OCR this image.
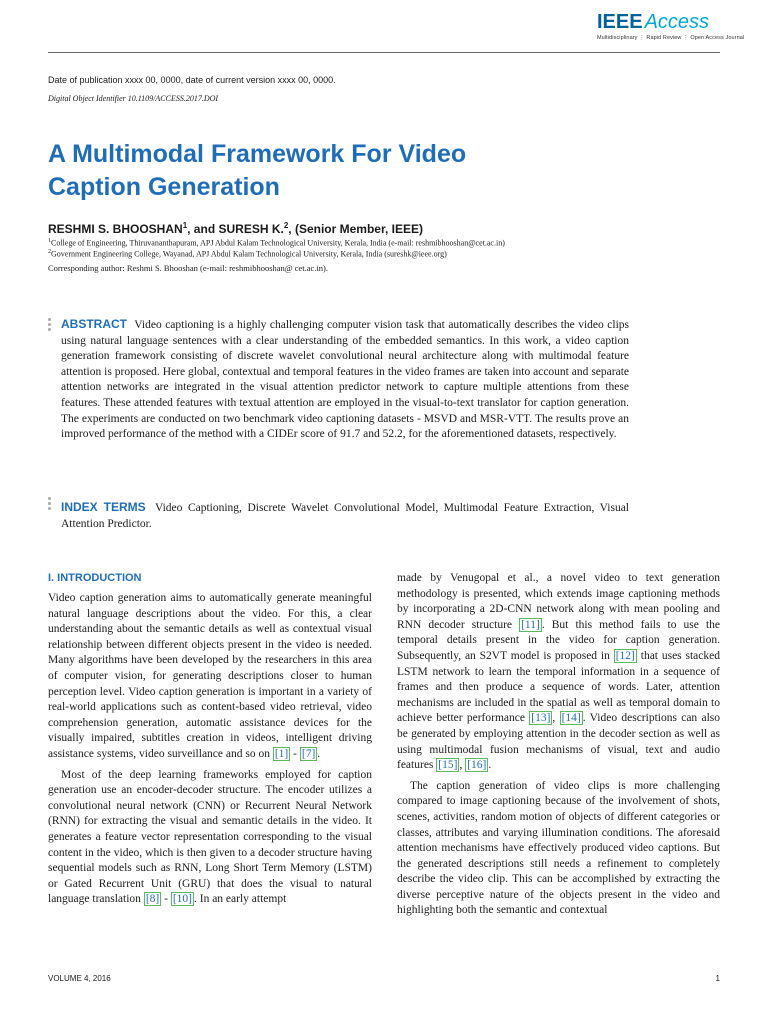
IEEE Access
Multidisciplinary ⋮ Rapid Review ⋮ Open Access Journal
Date of publication xxxx 00, 0000, date of current version xxxx 00, 0000.
Digital Object Identifier 10.1109/ACCESS.2017.DOI
A Multimodal Framework For Video
Caption Generation
RESHMI S. BHOOSHAN$^1$, and SURESH K.$^2$, (Senior Member, IEEE)
$^1$College of Engineering, Thiruvananthapuram, APJ Abdul Kalam Technological University, Kerala, India (e-mail: reshmibhooshan@cet.ac.in)
$^2$Government Engineering College, Wayanad, APJ Abdul Kalam Technological University, Kerala, India (sureshk@ieee.org)
Corresponding author: Reshmi S. Bhooshan (e-mail: reshmibhooshan@ cet.ac.in).
ABSTRACT Video captioning is a highly challenging computer vision task that automatically describes the video clips using natural language sentences with a clear understanding of the embedded semantics. In this work, a video caption generation framework consisting of discrete wavelet convolutional neural architecture along with multimodal feature attention is proposed. Here global, contextual and temporal features in the video frames are taken into account and separate attention networks are integrated in the visual attention predictor network to capture multiple attentions from these features. These attended features with textual attention are employed in the visual-to-text translator for caption generation. The experiments are conducted on two benchmark video captioning datasets - MSVD and MSR-VTT. The results prove an improved performance of the method with a CIDEr score of 91.7 and 52.2, for the aforementioned datasets, respectively.
INDEX TERMS Video Captioning, Discrete Wavelet Convolutional Model, Multimodal Feature Extraction, Visual Attention Predictor.
I. INTRODUCTION

Video caption generation aims to automatically generate meaningful natural language descriptions about the video. For this, a clear understanding about the semantic details as well as contextual visual relationship between different objects present in the video is needed. Many algorithms have been developed by the researchers in this area of computer vision, for generating descriptions closer to human perception level. Video caption generation is important in a variety of real-world applications such as content-based video retrieval, video comprehension generation, automatic assistance devices for the visually impaired, subtitles creation in videos, intelligent driving assistance systems, video surveillance and so on [1] - [7] .

Most of the deep learning frameworks employed for caption generation use an encoder-decoder structure. The encoder utilizes a convolutional neural network (CNN) or Recurrent Neural Network (RNN) for extracting the visual and semantic details in the video. It generates a feature vector representation corresponding to the visual content in the video, which is then given to a decoder structure having sequential models such as RNN, Long Short Term Memory (LSTM) or Gated Recurrent Unit (GRU) that does the visual to natural language translation [8] - [10] . In an early attempt

made by Venugopal et al., a novel video to text generation methodology is presented, which extends image captioning methods by incorporating a 2D-CNN network along with mean pooling and RNN decoder structure [11] . But this method fails to use the temporal details present in the video for caption generation. Subsequently, an S2VT model is proposed in [12] that uses stacked LSTM network to learn the temporal information in a sequence of frames and then produce a sequence of words. Later, attention mechanisms are included in the spatial as well as temporal domain to achieve better performance [13] , [14] . Video descriptions can also be generated by employing attention in the decoder section as well as using multimodal fusion mechanisms of visual, text and audio features [15] , [16] .

The caption generation of video clips is more challenging compared to image captioning because of the involvement of shots, scenes, activities, random motion of objects of different categories or classes, attributes and varying illumination conditions. The aforesaid attention mechanisms have effectively produced video captions. But the generated descriptions still needs a refinement to completely describe the video clip. This can be accomplished by extracting the diverse perceptive nature of the objects present in the video and highlighting both the semantic and contextual

VOLUME 4, 2016	1
